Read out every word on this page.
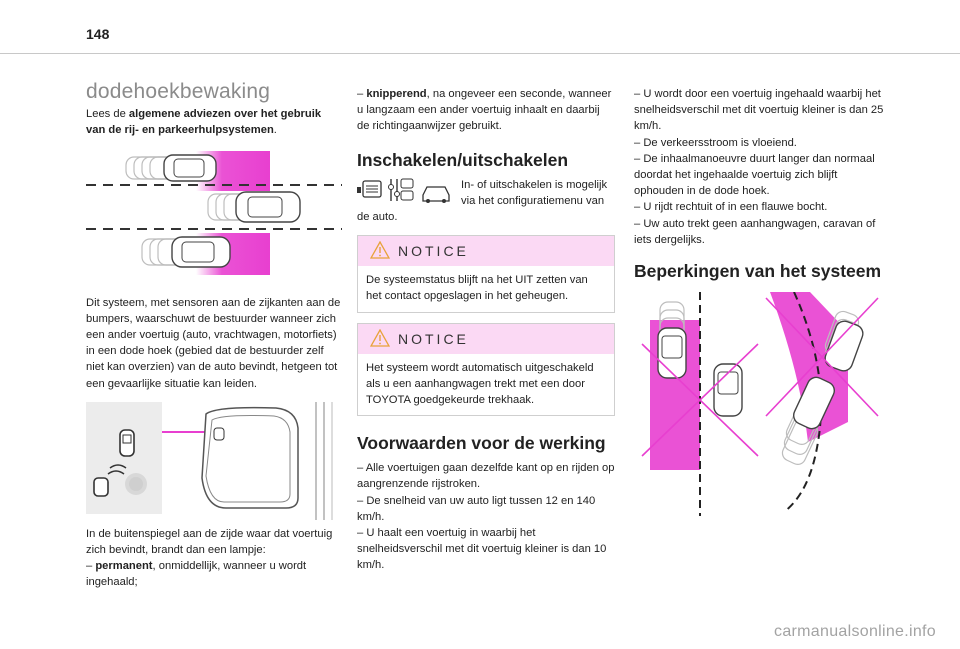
148
dodehoekbewaking

Lees de algemene adviezen over het gebruik van de rij- en parkeerhulpsystemen.

Dit systeem, met sensoren aan de zijkanten aan de bumpers, waarschuwt de bestuurder wanneer zich een ander voertuig (auto, vrachtwagen, motorfiets) in een dode hoek (gebied dat de bestuurder zelf niet kan overzien) van de auto bevindt, hetgeen tot een gevaarlijke situatie kan leiden.

In de buitenspiegel aan de zijde waar dat voertuig zich bevindt, brandt dan een lampje:

– permanent, onmiddellijk, wanneer u wordt ingehaald;

– knipperend, na ongeveer een seconde, wanneer u langzaam een ander voertuig inhaalt en daarbij de richtingaanwijzer gebruikt.

Inschakelen/uitschakelen

In- of uitschakelen is mogelijk via het configuratiemenu van de auto.

NOTICE
De systeemstatus blijft na het UIT zetten van het contact opgeslagen in het geheugen.
NOTICE
Het systeem wordt automatisch uitgeschakeld als u een aanhangwagen trekt met een door TOYOTA goedgekeurde trekhaak.
Voorwaarden voor de werking
– Alle voertuigen gaan dezelfde kant op en rijden op aangrenzende rijstroken.
– De snelheid van uw auto ligt tussen 12 en 140 km/h.
– U haalt een voertuig in waarbij het snelheidsverschil met dit voertuig kleiner is dan 10 km/h.
– U wordt door een voertuig ingehaald waarbij het snelheidsverschil met dit voertuig kleiner is dan 25 km/h.
– De verkeersstroom is vloeiend.
– De inhaalmanoeuvre duurt langer dan normaal doordat het ingehaalde voertuig zich blijft ophouden in de dode hoek.
– U rijdt rechtuit of in een flauwe bocht.
– Uw auto trekt geen aanhangwagen, caravan of iets dergelijks.
Beperkingen van het systeem
carmanualsonline.info
